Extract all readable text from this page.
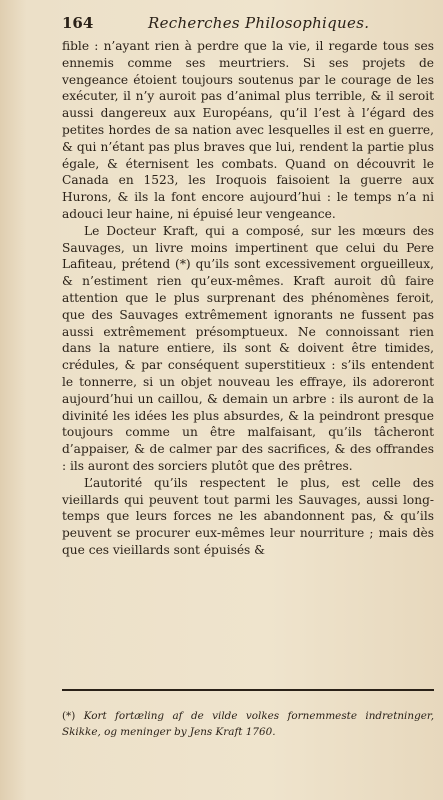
164	Recherches Philosophiques.

fible : n’ayant rien à perdre que la vie, il regarde tous ses ennemis comme ses meurtriers. Si ses projets de vengeance étoient toujours soutenus par le courage de les exécuter, il n’y auroit pas d’animal plus terrible, & il seroit aussi dangereux aux Européans, qu’il l’est à l’égard des petites hordes de sa nation avec lesquelles il est en guerre, & qui n’étant pas plus braves que lui, rendent la partie plus égale, & éternisent les combats. Quand on découvrit le Canada en 1523, les Iroquois faisoient la guerre aux Hurons, & ils la font encore aujourd’hui : le temps n’a ni adouci leur haine, ni épuisé leur vengeance.

Le Docteur Kraft, qui a composé, sur les mœurs des Sauvages, un livre moins impertinent que celui du Pere Lafiteau, prétend (*) qu’ils sont excessivement orgueilleux, & n’estiment rien qu’eux-mêmes. Kraft auroit dû faire attention que le plus surprenant des phénomènes feroit, que des Sauvages extrêmement ignorants ne fussent pas aussi extrêmement présomptueux. Ne connoissant rien dans la nature entiere, ils sont & doivent être timides, crédules, & par conséquent superstitieux : s’ils entendent le tonnerre, si un objet nouveau les effraye, ils adoreront aujourd’hui un caillou, & demain un arbre : ils auront de la divinité les idées les plus absurdes, & la peindront presque toujours comme un être malfaisant, qu’ils tâcheront d’appaiser, & de calmer par des sacrifices, & des offrandes : ils auront des sorciers plutôt que des prêtres.

L’autorité qu’ils respectent le plus, est celle des vieillards qui peuvent tout parmi les Sauvages, aussi long-temps que leurs forces ne les abandonnent pas, & qu’ils peuvent se procurer eux-mêmes leur nourriture ; mais dès que ces vieillards sont épuisés &

(*) Kort fortæling af de vilde volkes fornemmeste indretninger, Skikke, og meninger by Jens Kraft 1760.
